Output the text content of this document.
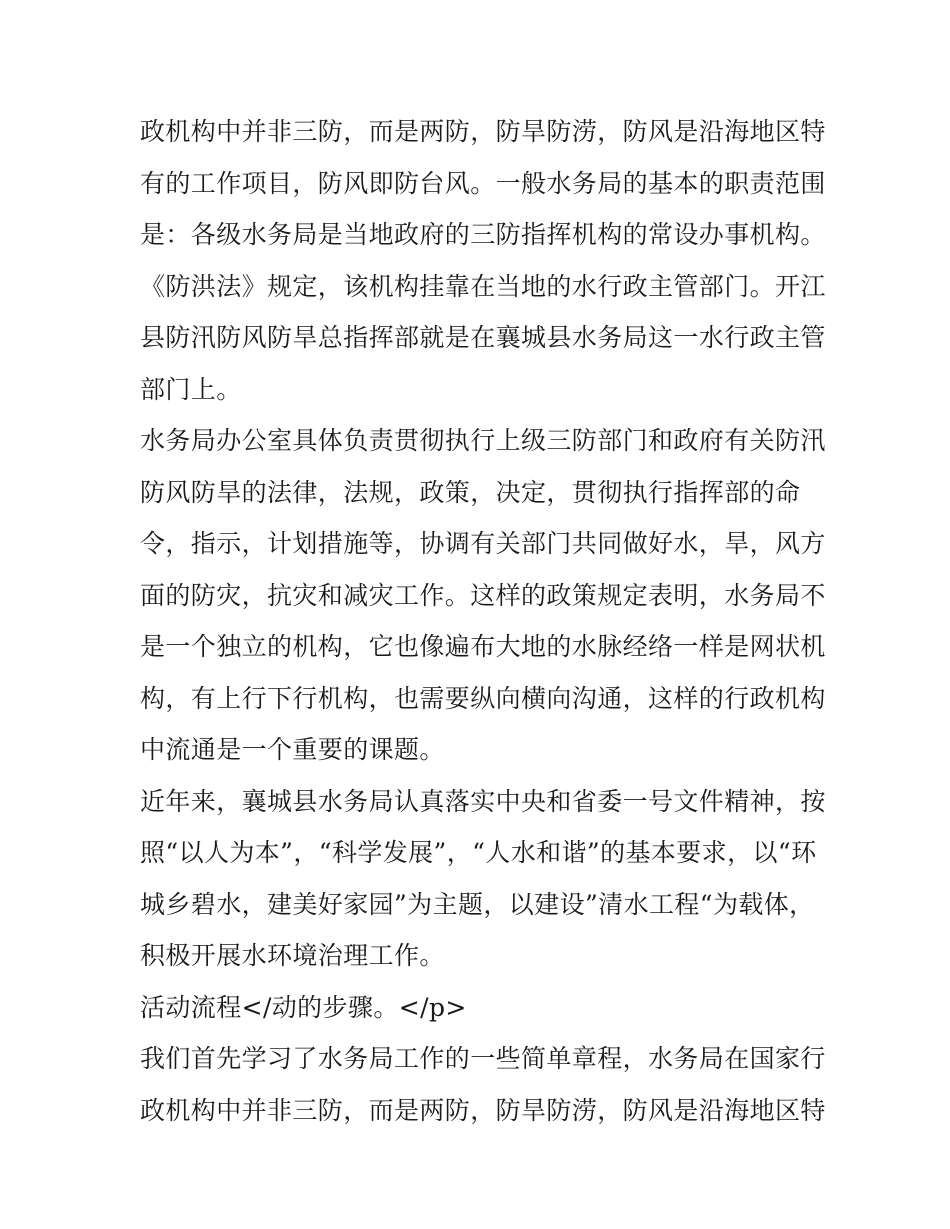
政机构中并非三防，而是两防，防旱防涝，防风是沿海地区特
有的工作项目，防风即防台风。一般水务局的基本的职责范围
是：各级水务局是当地政府的三防指挥机构的常设办事机构。
《防洪法》规定，该机构挂靠在当地的水行政主管部门。开江
县防汛防风防旱总指挥部就是在襄城县水务局这一水行政主管
部门上。
水务局办公室具体负责贯彻执行上级三防部门和政府有关防汛
防风防旱的法律，法规，政策，决定，贯彻执行指挥部的命
令，指示，计划措施等，协调有关部门共同做好水，旱，风方
面的防灾，抗灾和减灾工作。这样的政策规定表明，水务局不
是一个独立的机构，它也像遍布大地的水脉经络一样是网状机
构，有上行下行机构，也需要纵向横向沟通，这样的行政机构
中流通是一个重要的课题。
近年来，襄城县水务局认真落实中央和省委一号文件精神，按
照“以人为本”，“科学发展”，“人水和谐”的基本要求，以“环
城乡碧水，建美好家园”为主题，以建设”清水工程“为载体，
积极开展水环境治理工作。
活动流程</动的步骤。</p>
我们首先学习了水务局工作的一些简单章程，水务局在国家行
政机构中并非三防，而是两防，防旱防涝，防风是沿海地区特
